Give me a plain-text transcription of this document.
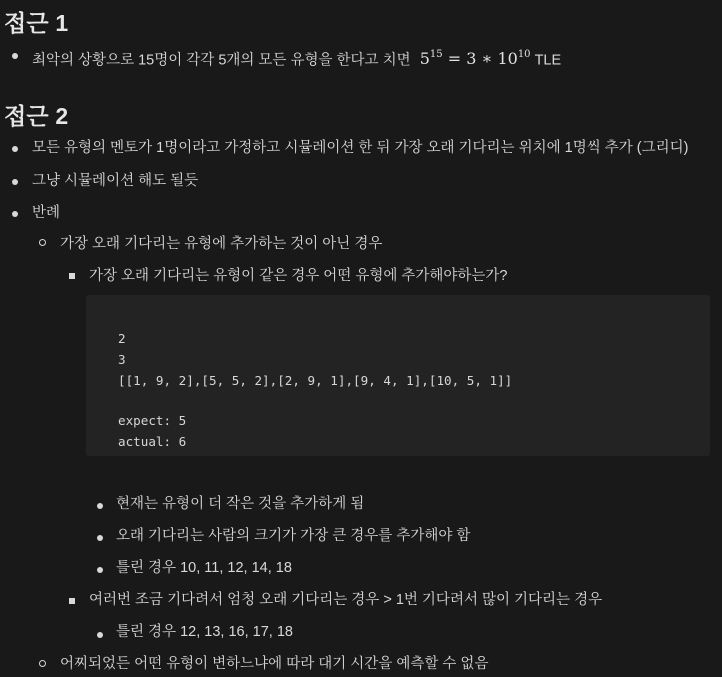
접근 1
최악의 상황으로 15명이 각각 5개의 모든 유형을 한다고 치면 $5^{15} = 3$ ∗ $10^{10}$ TLE
접근 2
모든 유형의 멘토가 1명이라고 가정하고 시뮬레이션 한 뒤 가장 오래 기다리는 위치에 1명씩 추가 (그리디)
그냥 시뮬레이션 해도 될듯
반례
가장 오래 기다리는 유형에 추가하는 것이 아닌 경우
가장 오래 기다리는 유형이 같은 경우 어떤 유형에 추가해야하는가?
2
3
[[1, 9, 2],[5, 5, 2],[2, 9, 1],[9, 4, 1],[10, 5, 1]]
expect: 5
actual: 6
현재는 유형이 더 작은 것을 추가하게 됨
오래 기다리는 사람의 크기가 가장 큰 경우를 추가해야 함
틀린 경우 10, 11, 12, 14, 18
여러번 조금 기다려서 엄청 오래 기다리는 경우 > 1번 기다려서 많이 기다리는 경우
틀린 경우 12, 13, 16, 17, 18
어찌되었든 어떤 유형이 변하느냐에 따라 대기 시간을 예측할 수 없음
